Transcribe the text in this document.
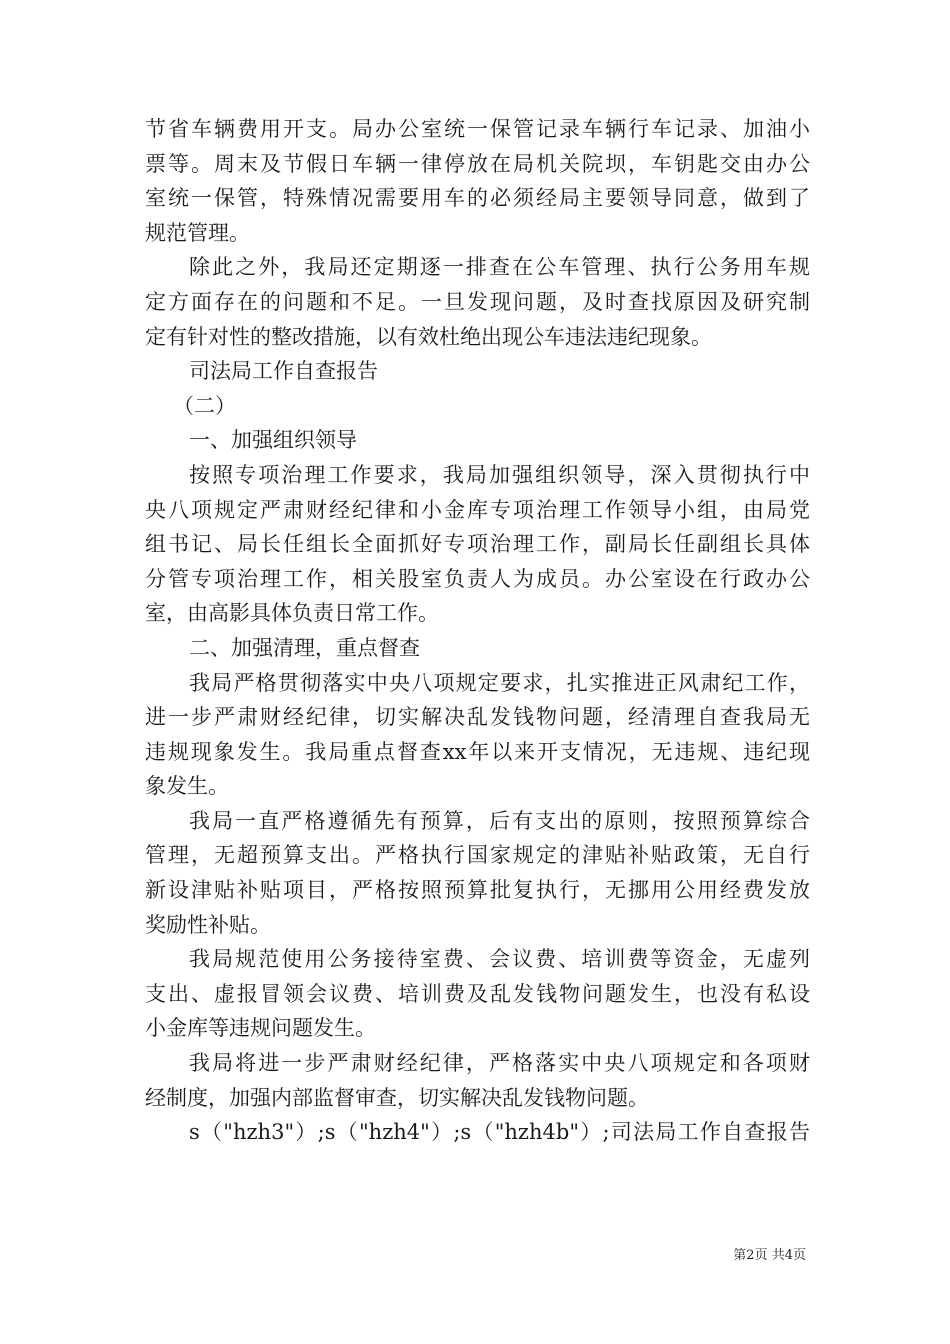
节省车辆费用开支。局办公室统一保管记录车辆行车记录、加油小
票等。周末及节假日车辆一律停放在局机关院坝，车钥匙交由办公
室统一保管，特殊情况需要用车的必须经局主要领导同意，做到了
规范管理。
除此之外，我局还定期逐一排查在公车管理、执行公务用车规
定方面存在的问题和不足。一旦发现问题，及时查找原因及研究制
定有针对性的整改措施，以有效杜绝出现公车违法违纪现象。
司法局工作自查报告
（二）
一、加强组织领导
按照专项治理工作要求，我局加强组织领导，深入贯彻执行中
央八项规定严肃财经纪律和小金库专项治理工作领导小组，由局党
组书记、局长任组长全面抓好专项治理工作，副局长任副组长具体
分管专项治理工作，相关股室负责人为成员。办公室设在行政办公
室，由高影具体负责日常工作。
二、加强清理，重点督查
我局严格贯彻落实中央八项规定要求，扎实推进正风肃纪工作，
进一步严肃财经纪律，切实解决乱发钱物问题，经清理自查我局无
违规现象发生。我局重点督查xx年以来开支情况，无违规、违纪现
象发生。
我局一直严格遵循先有预算，后有支出的原则，按照预算综合
管理，无超预算支出。严格执行国家规定的津贴补贴政策，无自行
新设津贴补贴项目，严格按照预算批复执行，无挪用公用经费发放
奖励性补贴。
我局规范使用公务接待室费、会议费、培训费等资金，无虚列
支出、虚报冒领会议费、培训费及乱发钱物问题发生，也没有私设
小金库等违规问题发生。
我局将进一步严肃财经纪律，严格落实中央八项规定和各项财
经制度，加强内部监督审查，切实解决乱发钱物问题。
s（"hzh3"）;s（"hzh4"）;s（"hzh4b"）;司法局工作自查报告
第2页 共4页
